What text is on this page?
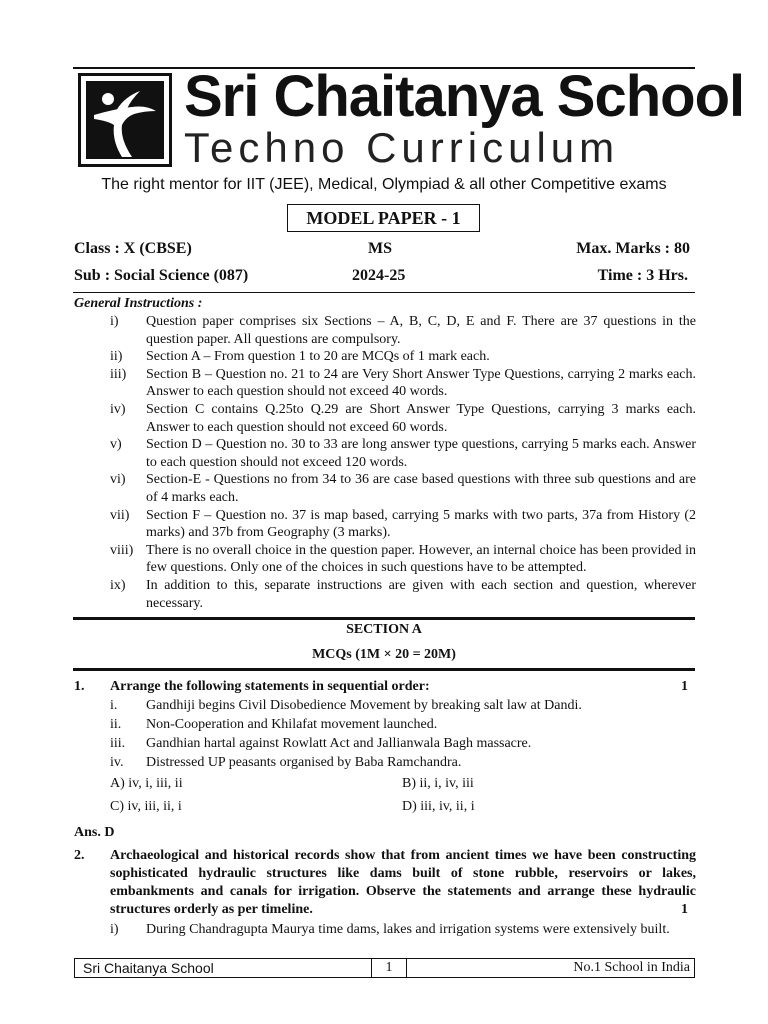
Sri Chaitanya School
Techno Curriculum
The right mentor for IIT (JEE), Medical, Olympiad & all other Competitive exams
MODEL PAPER - 1
Class : X (CBSE)	MS	Max. Marks : 80
Sub : Social Science (087)	2024-25	Time : 3 Hrs.
General Instructions :
i)	Question paper comprises six Sections – A, B, C, D, E and F. There are 37 questions in the question paper. All questions are compulsory.
ii)	Section A – From question 1 to 20 are MCQs of 1 mark each.
iii)	Section B – Question no. 21 to 24 are Very Short Answer Type Questions, carrying 2 marks each. Answer to each question should not exceed 40 words.
iv)	Section C contains Q.25to Q.29 are Short Answer Type Questions, carrying 3 marks each. Answer to each question should not exceed 60 words.
v)	Section D – Question no. 30 to 33 are long answer type questions, carrying 5 marks each. Answer to each question should not exceed 120 words.
vi)	Section-E - Questions no from 34 to 36 are case based questions with three sub questions and are of 4 marks each.
vii)	Section F – Question no. 37 is map based, carrying 5 marks with two parts, 37a from History (2 marks) and 37b from Geography (3 marks).
viii) There is no overall choice in the question paper. However, an internal choice has been provided in few questions. Only one of the choices in such questions have to be attempted.
ix)	In addition to this, separate instructions are given with each section and question, wherever necessary.
SECTION A
MCQs (1M × 20 = 20M)
1. Arrange the following statements in sequential order:	1
i.	Gandhiji begins Civil Disobedience Movement by breaking salt law at Dandi.
ii.	Non-Cooperation and Khilafat movement launched.
iii.	Gandhian hartal against Rowlatt Act and Jallianwala Bagh massacre.
iv.	Distressed UP peasants organised by Baba Ramchandra.
A) iv, i, iii, ii	B) ii, i, iv, iii
C) iv, iii, ii, i	D) iii, iv, ii, i
Ans. D
2. Archaeological and historical records show that from ancient times we have been constructing sophisticated hydraulic structures like dams built of stone rubble, reservoirs or lakes, embankments and canals for irrigation. Observe the statements and arrange these hydraulic structures orderly as per timeline.	1
i)	During Chandragupta Maurya time dams, lakes and irrigation systems were extensively built.
Sri Chaitanya School	1	No.1 School in India
